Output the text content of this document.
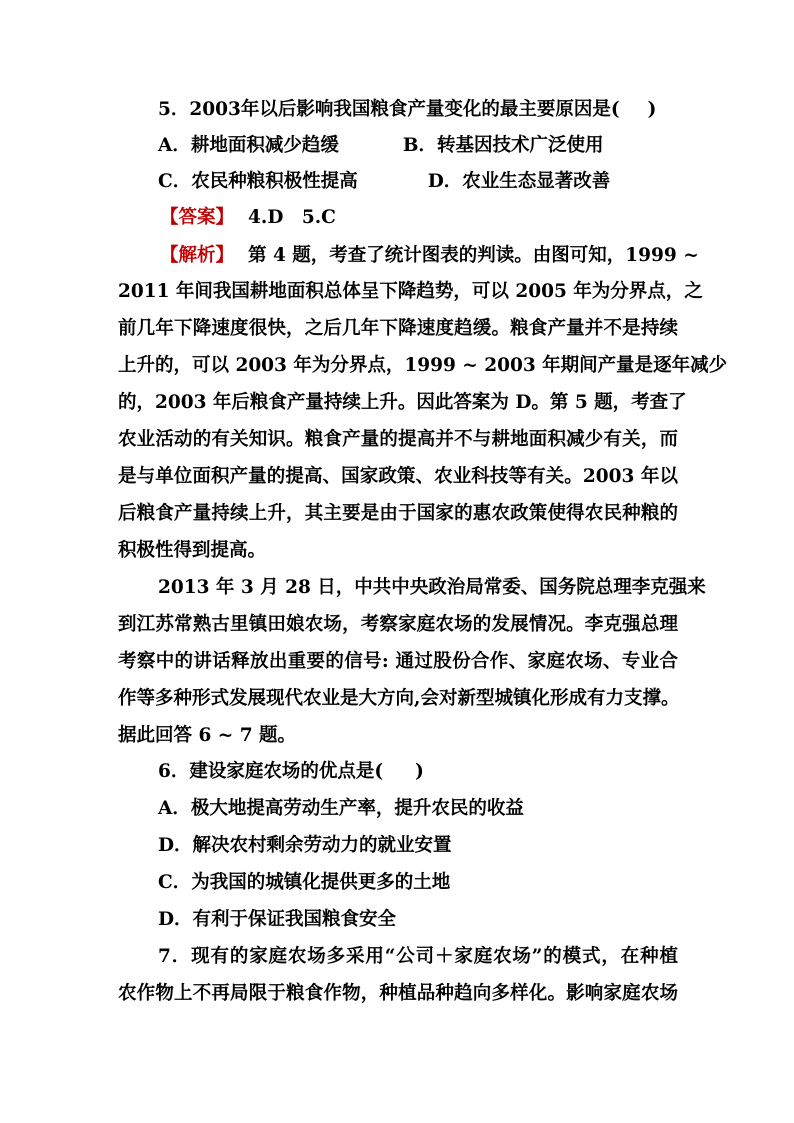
5．2003年以后影响我国粮食产量变化的最主要原因是( )
A．耕地面积减少趋缓	B．转基因技术广泛使用
C．农民种粮积极性提高	D．农业生态显著改善
【答案】 4.D　5.C
【解析】 第 4 题，考查了统计图表的判读。由图可知，1999 ~
2011 年间我国耕地面积总体呈下降趋势，可以 2005 年为分界点，之
前几年下降速度很快，之后几年下降速度趋缓。粮食产量并不是持续
上升的，可以 2003 年为分界点，1999 ~ 2003 年期间产量是逐年减少
的，2003 年后粮食产量持续上升。因此答案为 D。第 5 题，考查了
农业活动的有关知识。粮食产量的提高并不与耕地面积减少有关，而
是与单位面积产量的提高、国家政策、农业科技等有关。2003 年以
后粮食产量持续上升，其主要是由于国家的惠农政策使得农民种粮的
积极性得到提高。
2013 年 3 月 28 日，中共中央政治局常委、国务院总理李克强来
到江苏常熟古里镇田娘农场，考察家庭农场的发展情况。李克强总理
考察中的讲话释放出重要的信号: 通过股份合作、家庭农场、专业合
作等多种形式发展现代农业是大方向,会对新型城镇化形成有力支撑。
据此回答 6 ~ 7 题。
6．建设家庭农场的优点是( )
A．极大地提高劳动生产率，提升农民的收益
D．解决农村剩余劳动力的就业安置
C．为我国的城镇化提供更多的土地
D．有利于保证我国粮食安全
7．现有的家庭农场多采用“公司＋家庭农场”的模式，在种植
农作物上不再局限于粮食作物，种植品种趋向多样化。影响家庭农场
